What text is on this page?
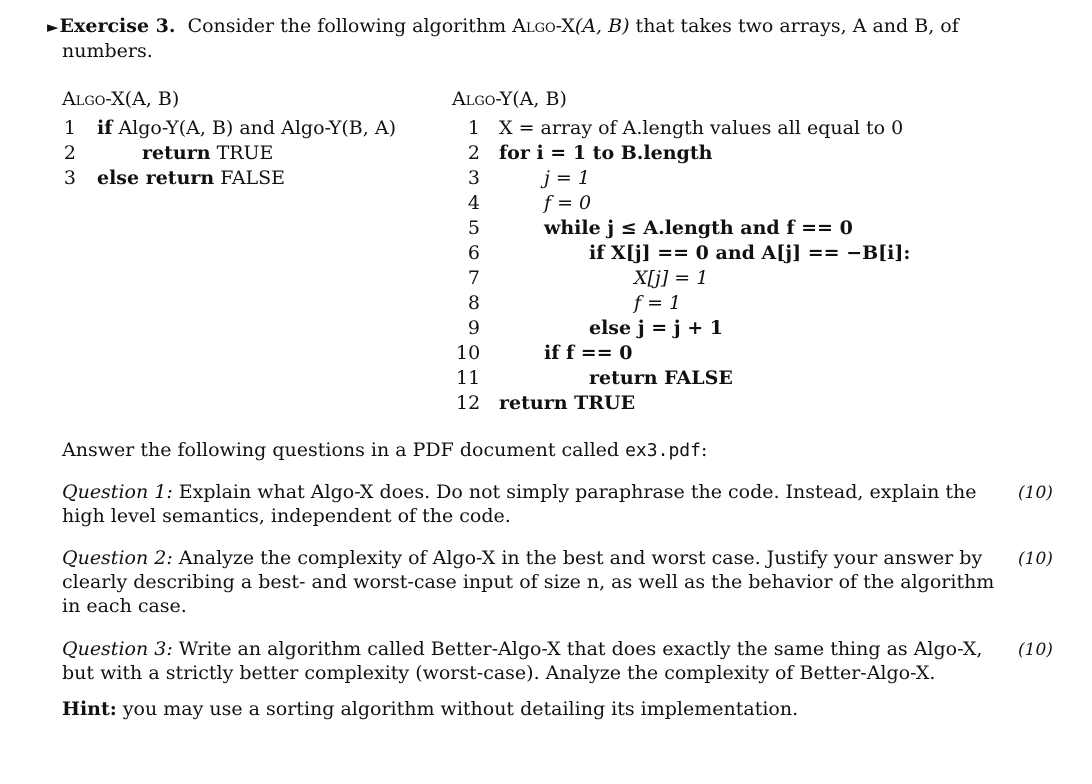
►Exercise 3. Consider the following algorithm Algo-X(A, B) that takes two arrays, A and B, of
numbers.
Algo-X(A, B)
1 if Algo-Y(A, B) and Algo-Y(B, A)
2	return TRUE
3 else return FALSE
Algo-Y(A, B)
1 X = array of A.length values all equal to 0
2 for i = 1 to B.length
3	j = 1
4	f = 0
5	while j ≤ A.length and f == 0
6	if X[j] == 0 and A[j] == −B[i]:
7	X[j] = 1
8	f = 1
9	else j = j + 1
10	if f == 0
11	return FALSE
12 return TRUE
Answer the following questions in a PDF document called ex3.pdf:
Question 1: Explain what Algo-X does. Do not simply paraphrase the code. Instead, explain the
high level semantics, independent of the code.
(10)
Question 2: Analyze the complexity of Algo-X in the best and worst case. Justify your answer by
clearly describing a best- and worst-case input of size n, as well as the behavior of the algorithm
in each case.
(10)
Question 3: Write an algorithm called Better-Algo-X that does exactly the same thing as Algo-X,
but with a strictly better complexity (worst-case). Analyze the complexity of Better-Algo-X.
(10)
Hint: you may use a sorting algorithm without detailing its implementation.
